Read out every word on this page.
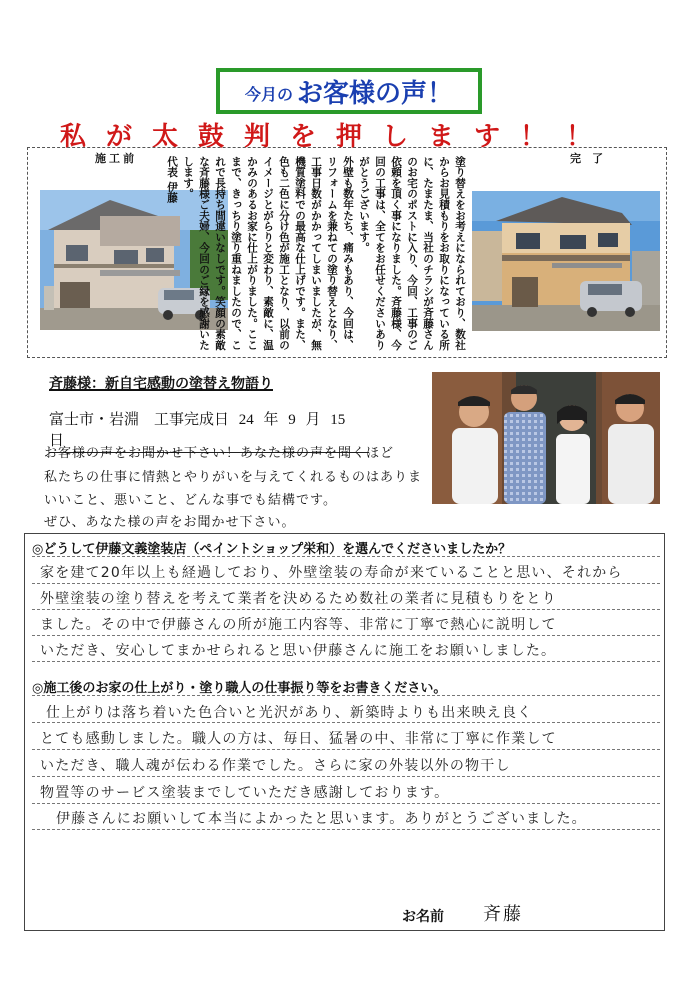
今月の お客様の声！
私が太鼓判を押します！！
施 工 前	完　了
塗り替えをお考えになられており、数社からお見積もりをお取りになっている所に、たまたま、当社のチラシが斉藤さんのお宅のポストに入り、今回、工事のご依頼を頂く事になりました。斉藤様、今回の工事は、全てをお任せくださいありがとうございます。
外壁も数年たち、痛みもあり、今回は、リフォームを兼ねての塗り替えとなり、工事日数がかかってしまいましたが、無機質塗料での最高な仕上げです。また、色も二色に分け色が施工となり、以前のイメージとがらりと変わり、素敵に、温かみのあるお家に仕上がりました。ここまで、きっちり塗り重ねましたので、これで長持ち間違いなしです。笑顔の素敵な斉藤様ご夫婦、今回のご縁を感謝いたします。
代表 伊藤
斉藤様：新自宅感動の塗替え物語り
富士市・岩淵　工事完成日 24 年 9 月 15 日
お客様の声をお聞かせ下さい！あなた様の声を聞くほど
私たちの仕事に情熱とやりがいを与えてくれるものはありま
いいこと、悪いこと、どんな事でも結構です。
ぜひ、あなた様の声をお聞かせ下さい。
◎どうして伊藤文義塗装店（ペイントショップ栄和）を選んでくださいましたか？
家を建て20年以上も経過しており、外壁塗装の寿命が来ていることと思い、それから
外壁塗装の塗り替えを考えて業者を決めるため数社の業者に見積もりをとり
ました。その中で伊藤さんの所が施工内容等、非常に丁寧で熱心に説明して
いただき、安心してまかせられると思い伊藤さんに施工をお願いしました。
◎施工後のお家の仕上がり・塗り職人の仕事振り等をお書きください。
仕上がりは落ち着いた色合いと光沢があり、新築時よりも出来映え良く
とても感動しました。職人の方は、毎日、猛暑の中、非常に丁寧に作業して
いただき、職人魂が伝わる作業でした。さらに家の外装以外の物干し
物置等のサービス塗装までしていただき感謝しております。
伊藤さんにお願いして本当によかったと思います。ありがとうございました。
お名前 斉藤
